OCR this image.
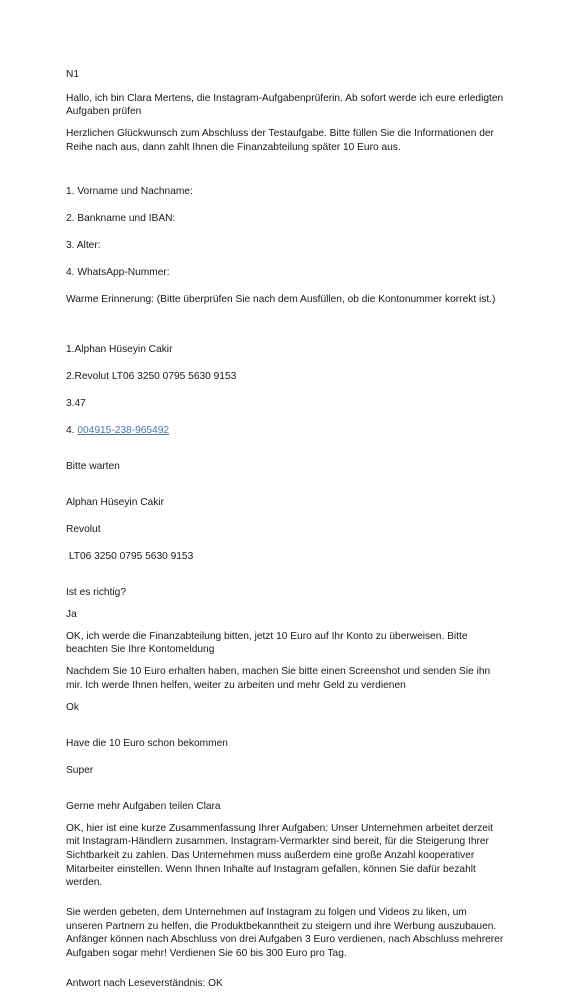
N1
Hallo, ich bin Clara Mertens, die Instagram-Aufgabenprüferin. Ab sofort werde ich eure erledigten Aufgaben prüfen
Herzlichen Glückwunsch zum Abschluss der Testaufgabe. Bitte füllen Sie die Informationen der Reihe nach aus, dann zahlt Ihnen die Finanzabteilung später 10 Euro aus.

1. Vorname und Nachname:

2. Bankname und IBAN:

3. Alter:

4. WhatsApp-Nummer:

Warme Erinnerung: (Bitte überprüfen Sie nach dem Ausfüllen, ob die Kontonummer korrekt ist.)

1.Alphan Hüseyin Cakir

2.Revolut LT06 3250 0795 5630 9153

3.47

4. 004915-238-965492

Bitte warten

Alphan Hüseyin Cakir

Revolut

LT06 3250 0795 5630 9153

Ist es richtig?
Ja
OK, ich werde die Finanzabteilung bitten, jetzt 10 Euro auf Ihr Konto zu überweisen. Bitte beachten Sie Ihre Kontomeldung
Nachdem Sie 10 Euro erhalten haben, machen Sie bitte einen Screenshot und senden Sie ihn mir. Ich werde Ihnen helfen, weiter zu arbeiten und mehr Geld zu verdienen
Ok

Have die 10 Euro schon bekommen

Super

Gerne mehr Aufgaben teilen Clara
OK, hier ist eine kurze Zusammenfassung Ihrer Aufgaben: Unser Unternehmen arbeitet derzeit mit Instagram-Händlern zusammen. Instagram-Vermarkter sind bereit, für die Steigerung Ihrer Sichtbarkeit zu zahlen. Das Unternehmen muss außerdem eine große Anzahl kooperativer Mitarbeiter einstellen. Wenn Ihnen Inhalte auf Instagram gefallen, können Sie dafür bezahlt werden.
Sie werden gebeten, dem Unternehmen auf Instagram zu folgen und Videos zu liken, um unseren Partnern zu helfen, die Produktbekanntheit zu steigern und ihre Werbung auszubauen. Anfänger können nach Abschluss von drei Aufgaben 3 Euro verdienen, nach Abschluss mehrerer Aufgaben sogar mehr! Verdienen Sie 60 bis 300 Euro pro Tag.
Antwort nach Leseverständnis: OK
